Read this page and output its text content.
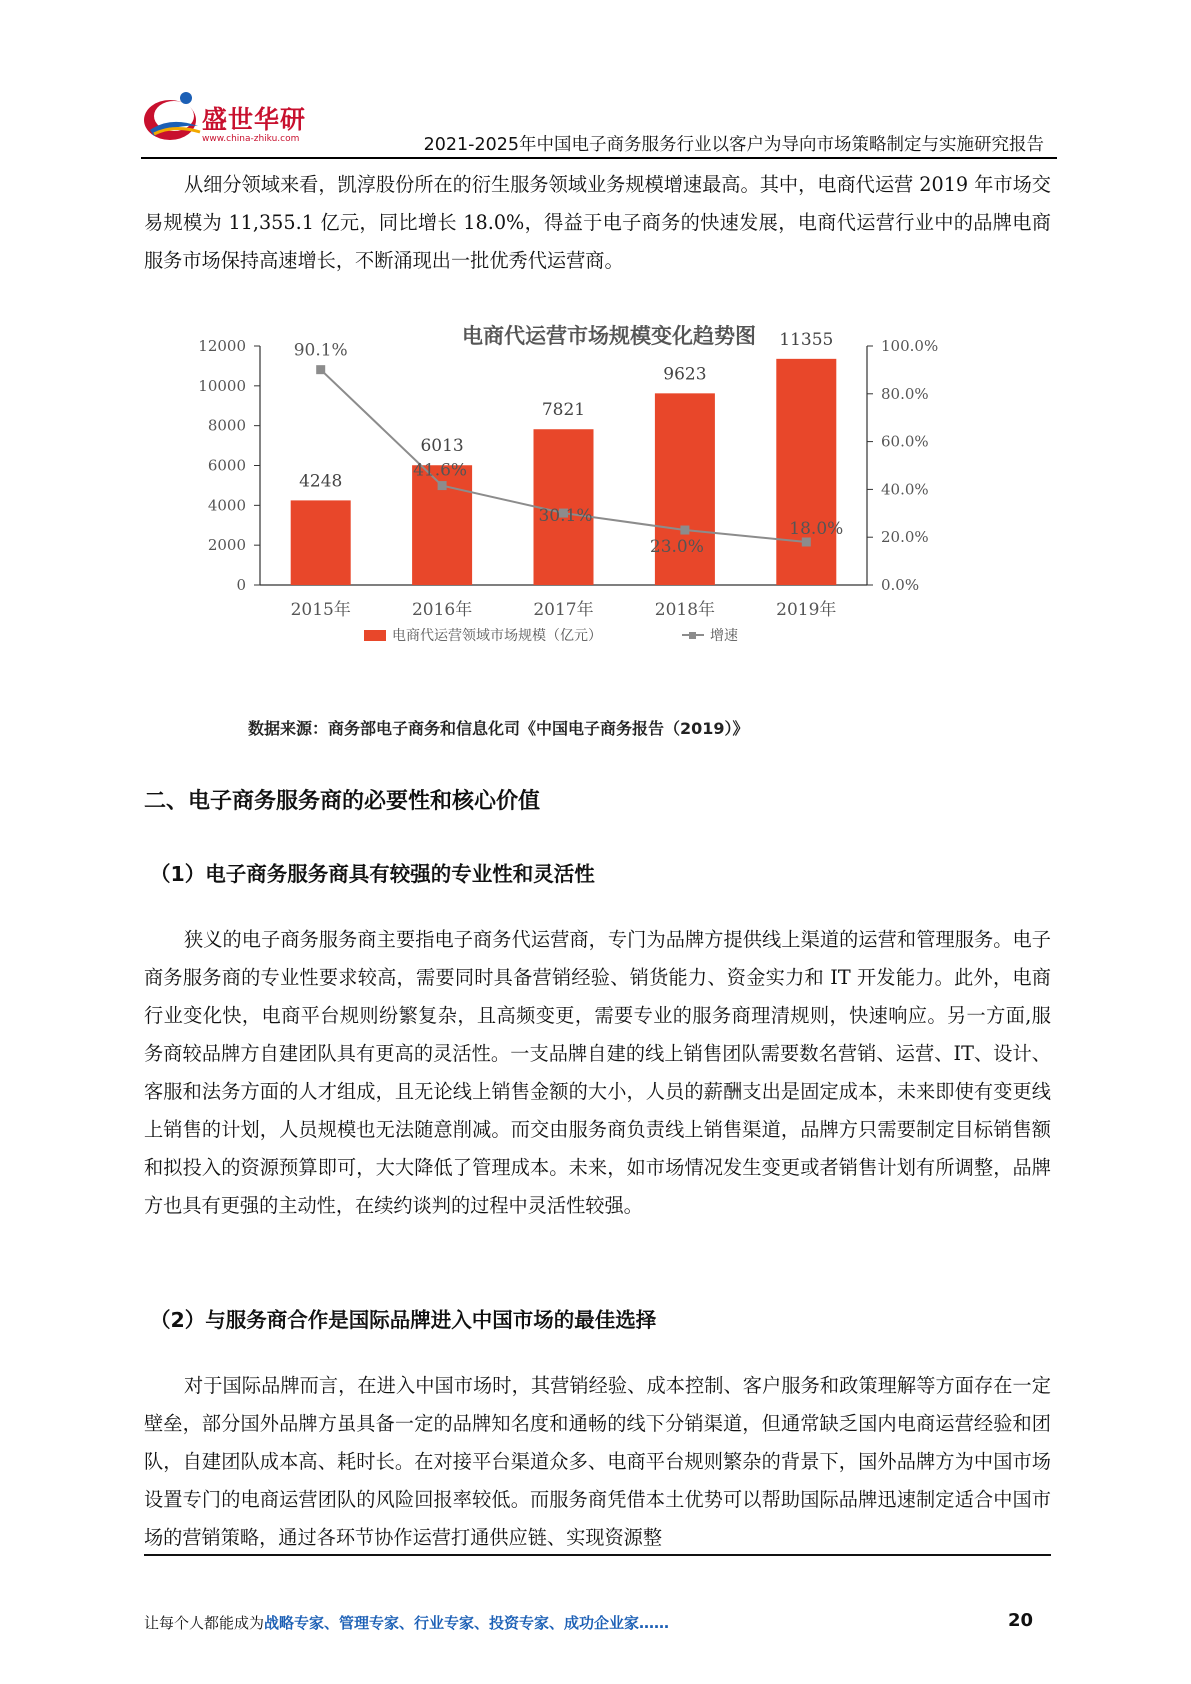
盛世华研
www.china-zhiku.com	2021-2025年中国电子商务服务行业以客户为导向市场策略制定与实施研究报告
从细分领域来看，凯淳股份所在的衍生服务领域业务规模增速最高。其中，电商代运营 2019 年市场交易规模为 11,355.1 亿元，同比增长 18.0%，得益于电子商务的快速发展，电商代运营行业中的品牌电商服务市场保持高速增长，不断涌现出一批优秀代运营商。
电商代运营市场规模变化趋势图
0
2000
4000
6000
8000
10000
12000
0.0%
20.0%
40.0%
60.0%
80.0%
100.0%
2015年	2016年	2017年	2018年	2019年
4248
6013
7821
9623
11355
90.1%
41.6%
30.1%
23.0%
18.0%
电商代运营领域市场规模（亿元）	增速
数据来源：商务部电子商务和信息化司《中国电子商务报告（2019）》
二、电子商务服务商的必要性和核心价值
（1）电子商务服务商具有较强的专业性和灵活性
狭义的电子商务服务商主要指电子商务代运营商，专门为品牌方提供线上渠道的运营和管理服务。电子商务服务商的专业性要求较高，需要同时具备营销经验、销货能力、资金实力和 IT 开发能力。此外，电商行业变化快，电商平台规则纷繁复杂，且高频变更，需要专业的服务商理清规则，快速响应。另一方面,服务商较品牌方自建团队具有更高的灵活性。一支品牌自建的线上销售团队需要数名营销、运营、IT、设计、客服和法务方面的人才组成，且无论线上销售金额的大小，人员的薪酬支出是固定成本，未来即使有变更线上销售的计划，人员规模也无法随意削减。而交由服务商负责线上销售渠道，品牌方只需要制定目标销售额和拟投入的资源预算即可，大大降低了管理成本。未来，如市场情况发生变更或者销售计划有所调整，品牌方也具有更强的主动性，在续约谈判的过程中灵活性较强。
（2）与服务商合作是国际品牌进入中国市场的最佳选择
对于国际品牌而言，在进入中国市场时，其营销经验、成本控制、客户服务和政策理解等方面存在一定壁垒，部分国外品牌方虽具备一定的品牌知名度和通畅的线下分销渠道，但通常缺乏国内电商运营经验和团队，自建团队成本高、耗时长。在对接平台渠道众多、电商平台规则繁杂的背景下，国外品牌方为中国市场设置专门的电商运营团队的风险回报率较低。而服务商凭借本土优势可以帮助国际品牌迅速制定适合中国市场的营销策略，通过各环节协作运营打通供应链、实现资源整
让每个人都能成为战略专家、管理专家、行业专家、投资专家、成功企业家……	20
